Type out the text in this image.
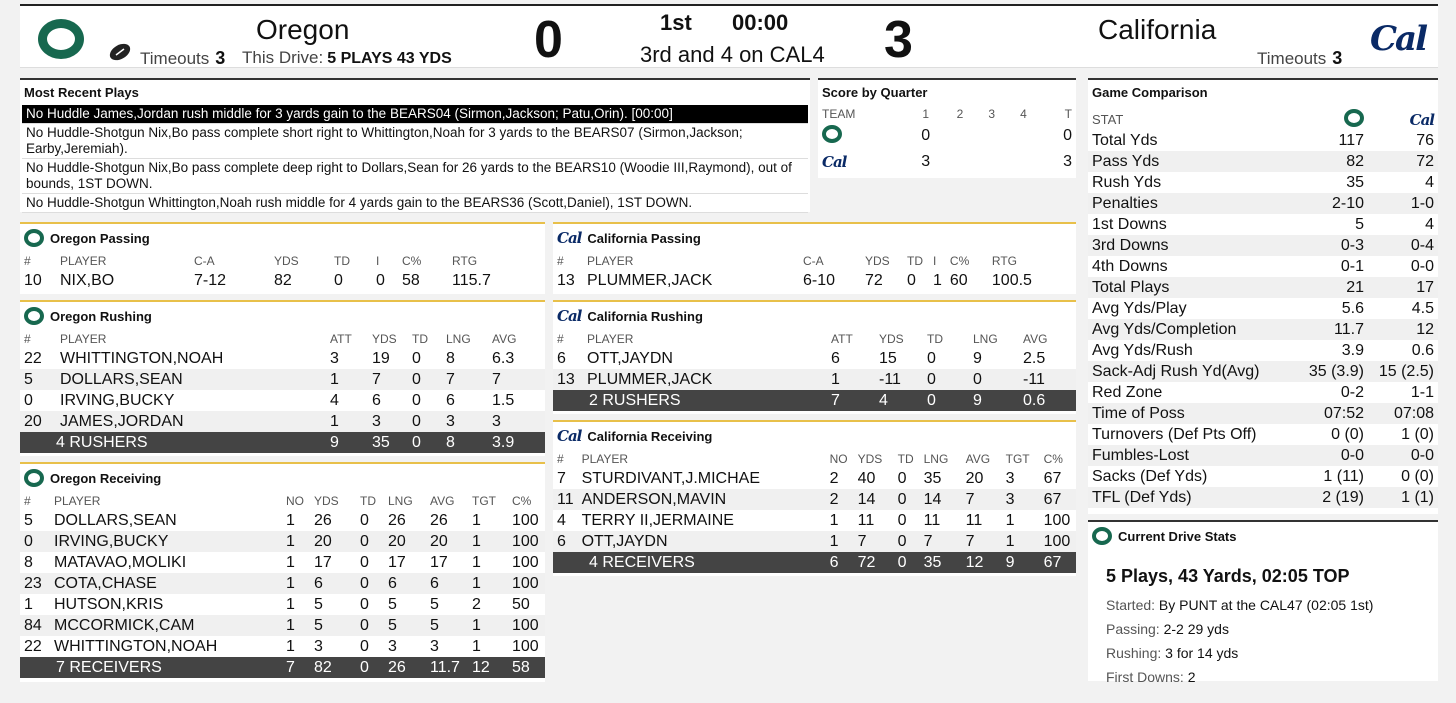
Timeouts 3
Oregon
This Drive: 5 PLAYS 43 YDS 0	1st 00:00
3rd and 4 on CAL4 3	California
Timeouts 3 Cal
Most Recent Plays
No Huddle James,Jordan rush middle for 3 yards gain to the BEARS04 (Sirmon,Jackson; Patu,Orin). [00:00]
No Huddle-Shotgun Nix,Bo pass complete short right to Whittington,Noah for 3 yards to the BEARS07 (Sirmon,Jackson; Earby,Jeremiah).
No Huddle-Shotgun Nix,Bo pass complete deep right to Dollars,Sean for 26 yards to the BEARS10 (Woodie III,Raymond), out of bounds, 1ST DOWN.
No Huddle-Shotgun Whittington,Noah rush middle for 4 yards gain to the BEARS36 (Scott,Daniel), 1ST DOWN.
Score by Quarter
TEAM	1	2	3	4	T
	0				0
Cal	3				3
Oregon Passing
#	PLAYER	C-A	YDS	TD	I	C%	RTG
10	NIX,BO	7-12	82	0	0	58	115.7
Cal California Passing
#	PLAYER	C-A	YDS	TD	I	C%	RTG
13	PLUMMER,JACK	6-10	72	0	1	60	100.5
Oregon Rushing
#	PLAYER	ATT	YDS	TD	LNG	AVG
22	WHITTINGTON,NOAH	3	19	0	8	6.3
5	DOLLARS,SEAN	1	7	0	7	7
0	IRVING,BUCKY	4	6	0	6	1.5
20	JAMES,JORDAN	1	3	0	3	3
4 RUSHERS		9	35	0	8	3.9
Cal California Rushing
#	PLAYER	ATT	YDS	TD	LNG	AVG
6	OTT,JAYDN	6	15	0	9	2.5
13	PLUMMER,JACK	1	-11	0	0	-11
2 RUSHERS		7	4	0	9	0.6
Oregon Receiving
#	PLAYER	NO	YDS	TD	LNG	AVG	TGT	C%
5	DOLLARS,SEAN	1	26	0	26	26	1	100
0	IRVING,BUCKY	1	20	0	20	20	1	100
8	MATAVAO,MOLIKI	1	17	0	17	17	1	100
23	COTA,CHASE	1	6	0	6	6	1	100
1	HUTSON,KRIS	1	5	0	5	5	2	50
84	MCCORMICK,CAM	1	5	0	5	5	1	100
22	WHITTINGTON,NOAH	1	3	0	3	3	1	100
7 RECEIVERS		7	82	0	26	11.7	12	58
Cal California Receiving
#	PLAYER	NO	YDS	TD	LNG	AVG	TGT	C%
7	STURDIVANT,J.MICHAE	2	40	0	35	20	3	67
11	ANDERSON,MAVIN	2	14	0	14	7	3	67
4	TERRY II,JERMAINE	1	11	0	11	11	1	100
6	OTT,JAYDN	1	7	0	7	7	1	100
4 RECEIVERS		6	72	0	35	12	9	67
Game Comparison
STAT		Cal
Total Yds	117	76
Pass Yds	82	72
Rush Yds	35	4
Penalties	2-10	1-0
1st Downs	5	4
3rd Downs	0-3	0-4
4th Downs	0-1	0-0
Total Plays	21	17
Avg Yds/Play	5.6	4.5
Avg Yds/Completion	11.7	12
Avg Yds/Rush	3.9	0.6
Sack-Adj Rush Yd(Avg)	35 (3.9)	15 (2.5)
Red Zone	0-2	1-1
Time of Poss	07:52	07:08
Turnovers (Def Pts Off)	0 (0)	1 (0)
Fumbles-Lost	0-0	0-0
Sacks (Def Yds)	1 (11)	0 (0)
TFL (Def Yds)	2 (19)	1 (1)
Current Drive Stats
5 Plays, 43 Yards, 02:05 TOP
Started: By PUNT at the CAL47 (02:05 1st)
Passing: 2-2 29 yds
Rushing: 3 for 14 yds
First Downs: 2
